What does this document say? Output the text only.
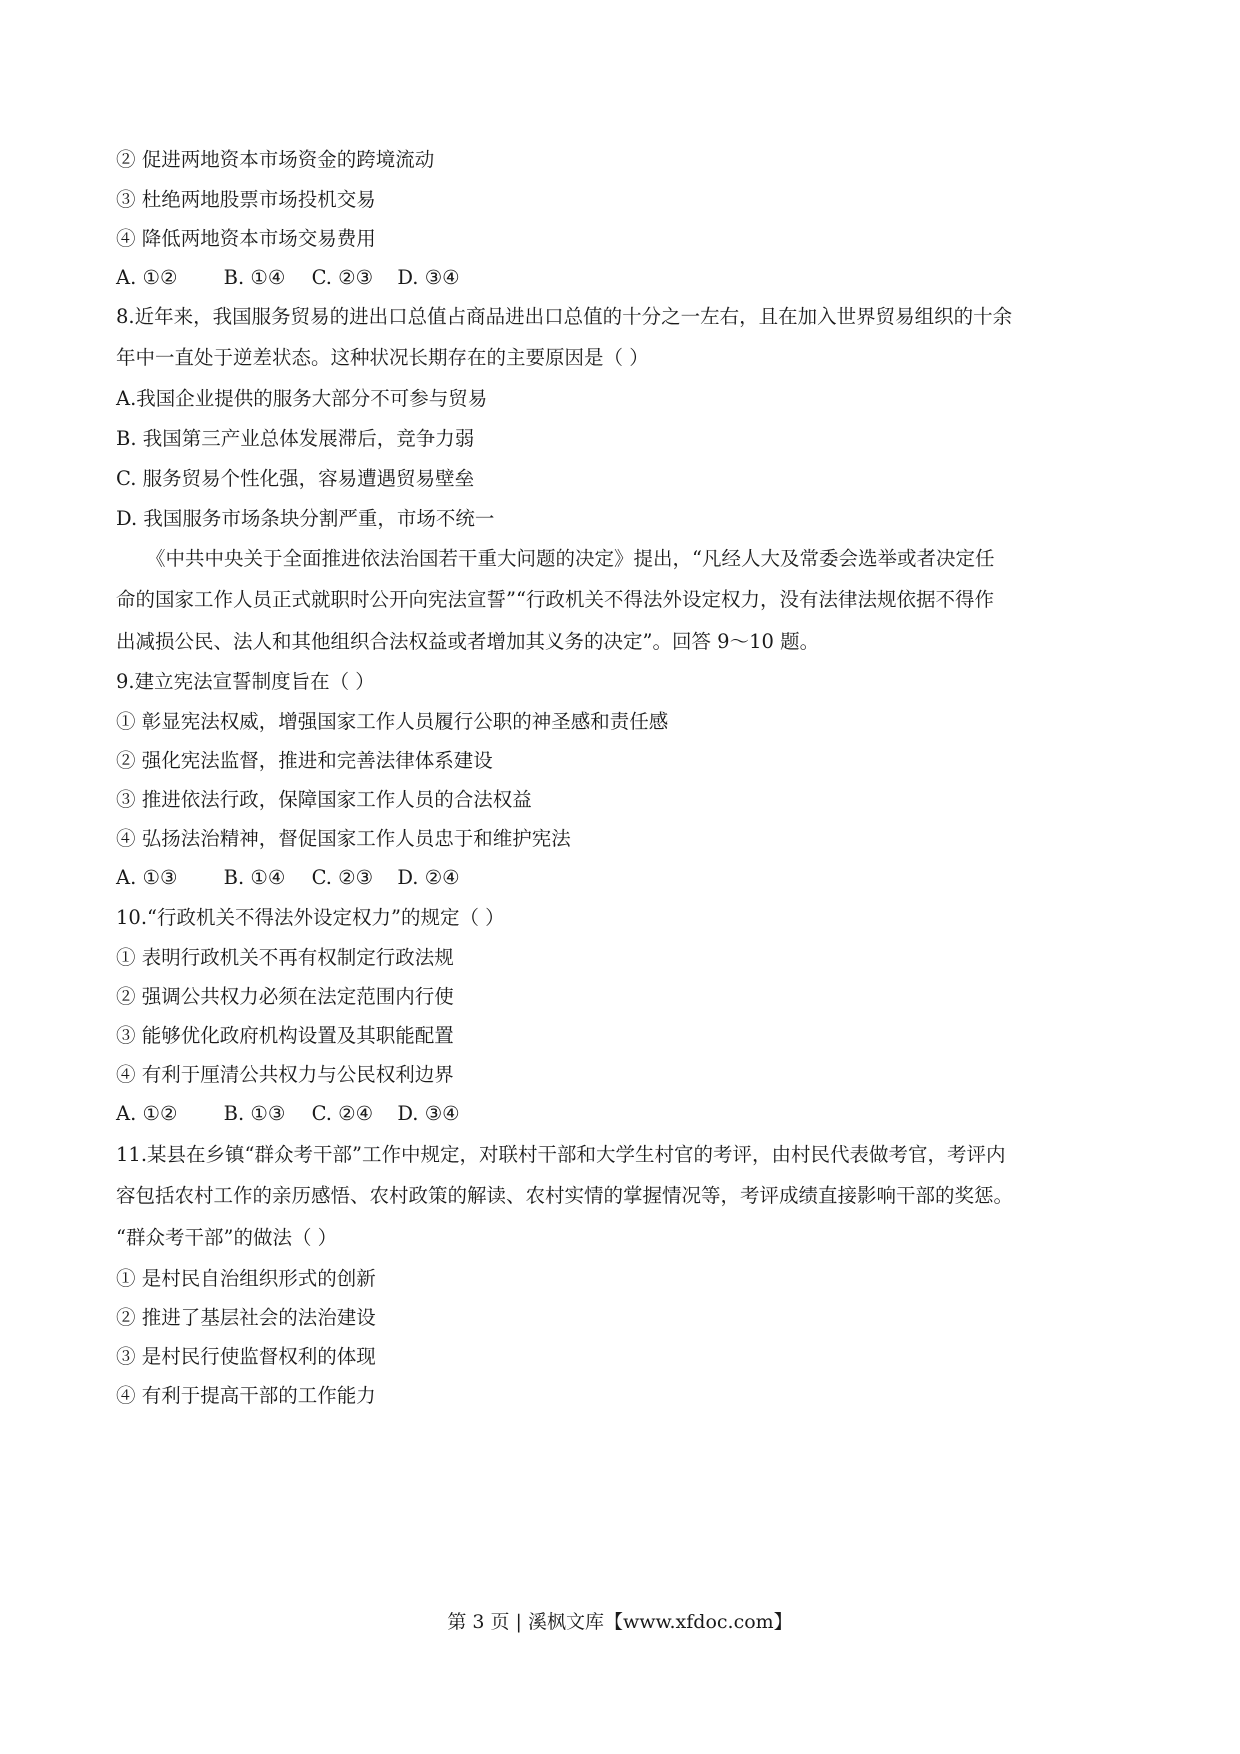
② 促进两地资本市场资金的跨境流动
③ 杜绝两地股票市场投机交易
④ 降低两地资本市场交易费用
A. ①② B. ①④ C. ②③ D. ③④
8.近年来，我国服务贸易的进出口总值占商品进出口总值的十分之一左右，且在加入世界贸易组织的十余
年中一直处于逆差状态。这种状况长期存在的主要原因是（ ）
A.我国企业提供的服务大部分不可参与贸易
B. 我国第三产业总体发展滞后，竞争力弱
C. 服务贸易个性化强，容易遭遇贸易壁垒
D. 我国服务市场条块分割严重，市场不统一
《中共中央关于全面推进依法治国若干重大问题的决定》提出，“凡经人大及常委会选举或者决定任
命的国家工作人员正式就职时公开向宪法宣誓”“行政机关不得法外设定权力，没有法律法规依据不得作
出减损公民、法人和其他组织合法权益或者增加其义务的决定”。回答 9～10 题。
9.建立宪法宣誓制度旨在（ ）
① 彰显宪法权威，增强国家工作人员履行公职的神圣感和责任感
② 强化宪法监督，推进和完善法律体系建设
③ 推进依法行政，保障国家工作人员的合法权益
④ 弘扬法治精神，督促国家工作人员忠于和维护宪法
A. ①③ B. ①④ C. ②③ D. ②④
10.“行政机关不得法外设定权力”的规定（ ）
① 表明行政机关不再有权制定行政法规
② 强调公共权力必须在法定范围内行使
③ 能够优化政府机构设置及其职能配置
④ 有利于厘清公共权力与公民权利边界
A. ①② B. ①③ C. ②④ D. ③④
11.某县在乡镇“群众考干部”工作中规定，对联村干部和大学生村官的考评，由村民代表做考官，考评内
容包括农村工作的亲历感悟、农村政策的解读、农村实情的掌握情况等，考评成绩直接影响干部的奖惩。
“群众考干部”的做法（ ）
① 是村民自治组织形式的创新
② 推进了基层社会的法治建设
③ 是村民行使监督权利的体现
④ 有利于提高干部的工作能力
第 3 页 | 溪枫文库【www.xfdoc.com】
